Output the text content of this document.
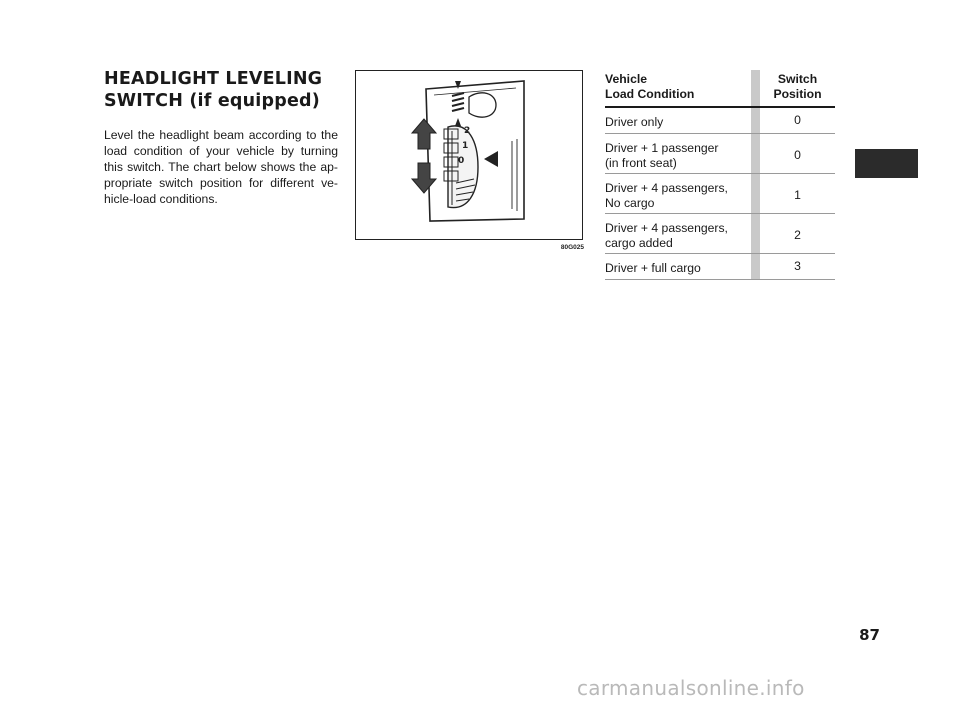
HEADLIGHT LEVELING
SWITCH (if equipped)

Level the headlight beam according to the load condition of your vehicle by turning this switch. The chart below shows the ap-propriate switch position for different ve-hicle-load conditions.

2
1
0
80G025
Vehicle
Load Condition
Switch
Position
Driver only	0
Driver + 1 passenger
(in front seat)
0
Driver + 4 passengers,
No cargo
1
Driver + 4 passengers,
cargo added
2
Driver + full cargo	3
87
carmanualsonline.info
